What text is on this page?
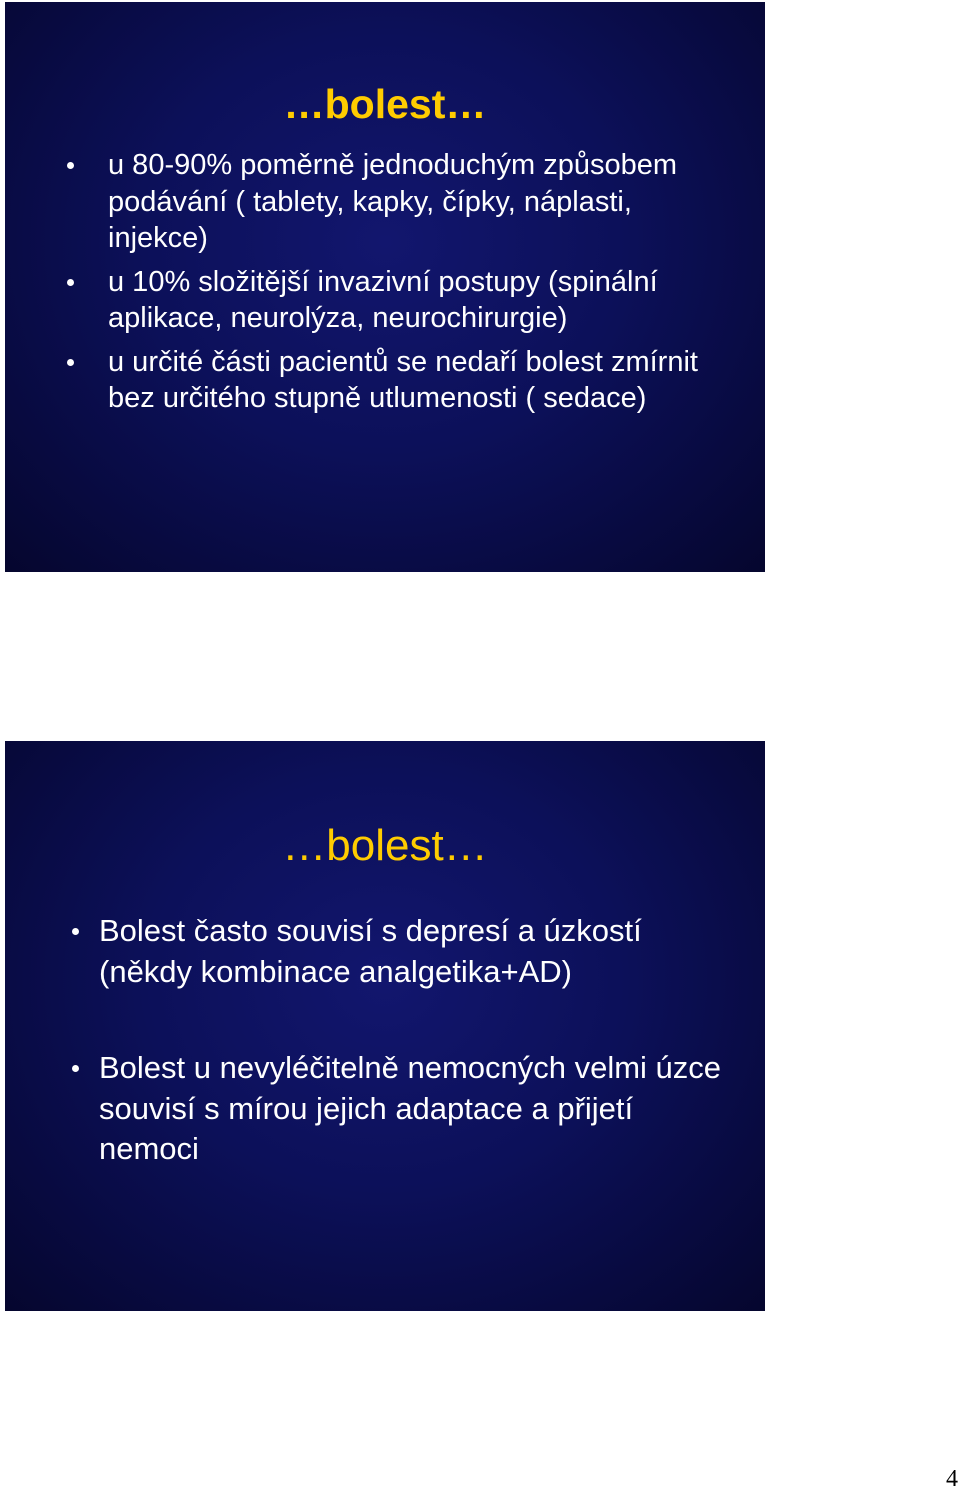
…bolest…
u 80-90% poměrně jednoduchým způsobem podávání ( tablety, kapky, čípky, náplasti, injekce)
u 10% složitější invazivní postupy (spinální aplikace, neurolýza, neurochirurgie)
u určité části pacientů se nedaří bolest zmírnit bez určitého stupně utlumenosti ( sedace)
…bolest…
Bolest často souvisí s depresí a úzkostí (někdy kombinace analgetika+AD)
Bolest u nevyléčitelně nemocných velmi úzce souvisí s mírou jejich adaptace a přijetí nemoci
4
